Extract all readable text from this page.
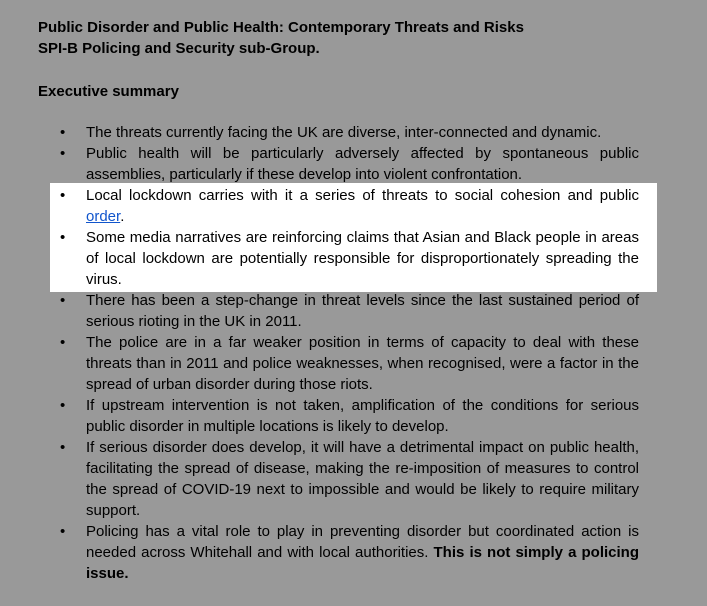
Public Disorder and Public Health: Contemporary Threats and Risks

SPI-B Policing and Security sub-Group.

Executive summary

• The threats currently facing the UK are diverse, inter-connected and dynamic.
• Public health will be particularly adversely affected by spontaneous public assemblies, particularly if these develop into violent confrontation.
• Local lockdown carries with it a series of threats to social cohesion and public order.
• Some media narratives are reinforcing claims that Asian and Black people in areas of local lockdown are potentially responsible for disproportionately spreading the virus.
• There has been a step-change in threat levels since the last sustained period of serious rioting in the UK in 2011.
• The police are in a far weaker position in terms of capacity to deal with these threats than in 2011 and police weaknesses, when recognised, were a factor in the spread of urban disorder during those riots.
• If upstream intervention is not taken, amplification of the conditions for serious public disorder in multiple locations is likely to develop.
• If serious disorder does develop, it will have a detrimental impact on public health, facilitating the spread of disease, making the re-imposition of measures to control the spread of COVID-19 next to impossible and would be likely to require military support.
• Policing has a vital role to play in preventing disorder but coordinated action is needed across Whitehall and with local authorities. This is not simply a policing issue.
